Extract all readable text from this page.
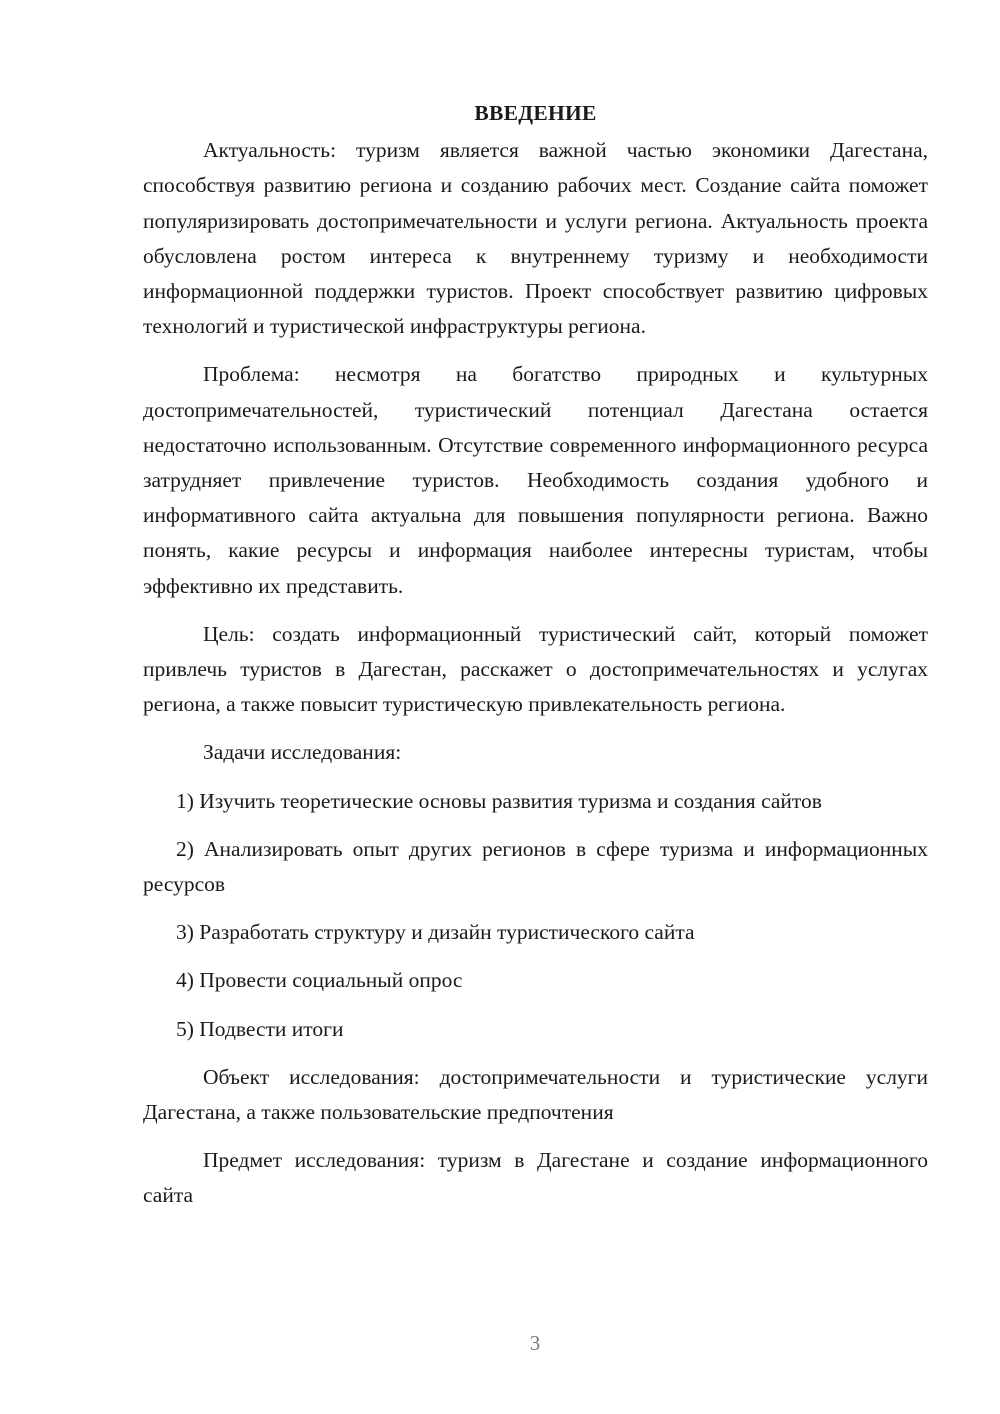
ВВЕДЕНИЕ

Актуальность: туризм является важной частью экономики Дагестана, способствуя развитию региона и созданию рабочих мест. Создание сайта поможет популяризировать достопримечательности и услуги региона. Актуальность проекта обусловлена ростом интереса к внутреннему туризму и необходимости информационной поддержки туристов. Проект способствует развитию цифровых технологий и туристической инфраструктуры региона.

Проблема: несмотря на богатство природных и культурных достопримечательностей, туристический потенциал Дагестана остается недостаточно использованным. Отсутствие современного информационного ресурса затрудняет привлечение туристов. Необходимость создания удобного и информативного сайта актуальна для повышения популярности региона. Важно понять, какие ресурсы и информация наиболее интересны туристам, чтобы эффективно их представить.

Цель: создать информационный туристический сайт, который поможет привлечь туристов в Дагестан, расскажет о достопримечательностях и услугах региона, а также повысит туристическую привлекательность региона.

Задачи исследования:

1) Изучить теоретические основы развития туризма и создания сайтов

2) Анализировать опыт других регионов в сфере туризма и информационных ресурсов

3) Разработать структуру и дизайн туристического сайта

4) Провести социальный опрос

5) Подвести итоги

Объект исследования: достопримечательности и туристические услуги Дагестана, а также пользовательские предпочтения

Предмет исследования: туризм в Дагестане и создание информационного сайта

3
